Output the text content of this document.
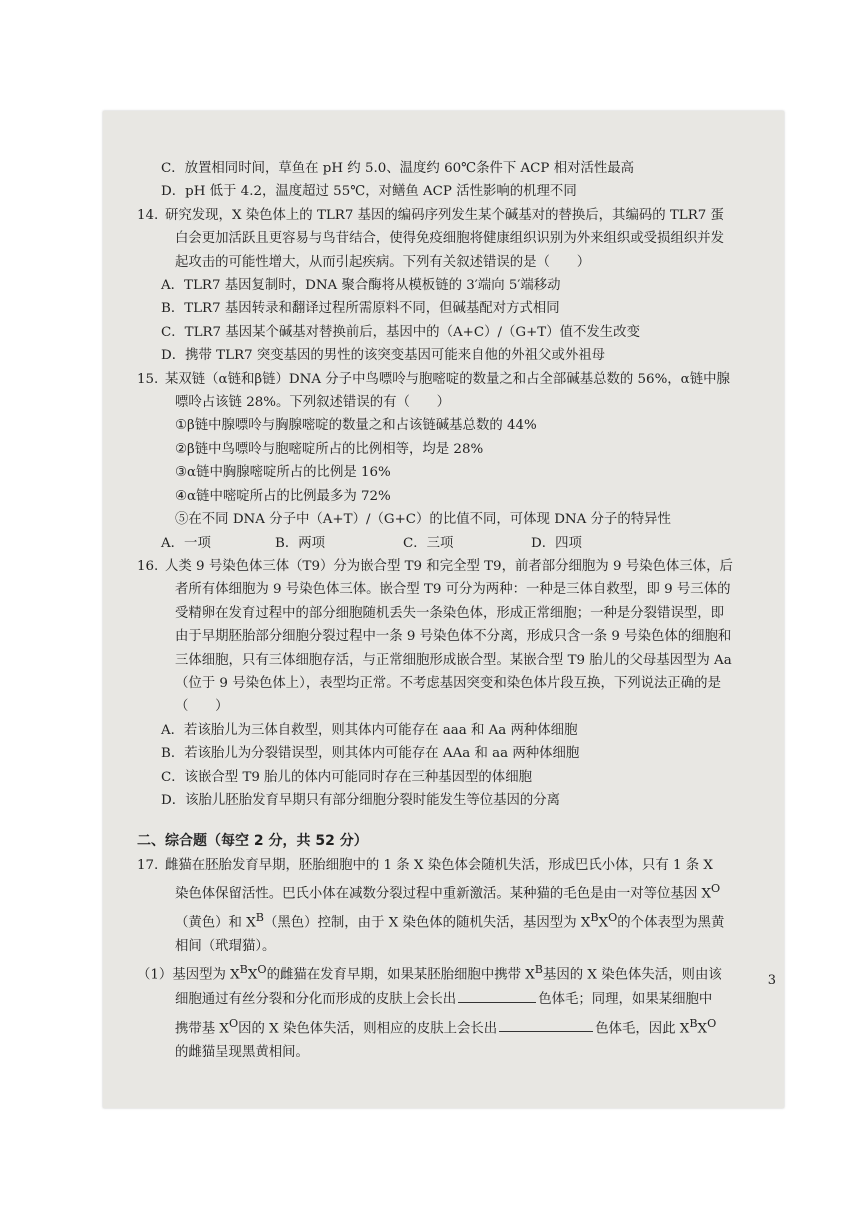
C．放置相同时间，草鱼在 pH 约 5.0、温度约 60℃条件下 ACP 相对活性最高
D．pH 低于 4.2，温度超过 55℃，对鳝鱼 ACP 活性影响的机理不同
14. 研究发现，X 染色体上的 TLR7 基因的编码序列发生某个碱基对的替换后，其编码的 TLR7 蛋
白会更加活跃且更容易与鸟苷结合，使得免疫细胞将健康组织识别为外来组织或受损组织并发
起攻击的可能性增大，从而引起疾病。下列有关叙述错误的是（　　）
A．TLR7 基因复制时，DNA 聚合酶将从模板链的 3′端向 5′端移动
B．TLR7 基因转录和翻译过程所需原料不同，但碱基配对方式相同
C．TLR7 基因某个碱基对替换前后，基因中的（A+C）/（G+T）值不发生改变
D．携带 TLR7 突变基因的男性的该突变基因可能来自他的外祖父或外祖母
15. 某双链（α链和β链）DNA 分子中鸟嘌呤与胞嘧啶的数量之和占全部碱基总数的 56%，α链中腺
嘌呤占该链 28%。下列叙述错误的有（　　）
①β链中腺嘌呤与胸腺嘧啶的数量之和占该链碱基总数的 44%
②β链中鸟嘌呤与胞嘧啶所占的比例相等，均是 28%
③α链中胸腺嘧啶所占的比例是 16%
④α链中嘧啶所占的比例最多为 72%
⑤在不同 DNA 分子中（A+T）/（G+C）的比值不同，可体现 DNA 分子的特异性
A．一项	B．两项	C．三项	D．四项
16. 人类 9 号染色体三体（T9）分为嵌合型 T9 和完全型 T9，前者部分细胞为 9 号染色体三体，后
者所有体细胞为 9 号染色体三体。嵌合型 T9 可分为两种：一种是三体自救型，即 9 号三体的
受精卵在发育过程中的部分细胞随机丢失一条染色体，形成正常细胞；一种是分裂错误型，即
由于早期胚胎部分细胞分裂过程中一条 9 号染色体不分离，形成只含一条 9 号染色体的细胞和
三体细胞，只有三体细胞存活，与正常细胞形成嵌合型。某嵌合型 T9 胎儿的父母基因型为 Aa
（位于 9 号染色体上），表型均正常。不考虑基因突变和染色体片段互换，下列说法正确的是
（　　）
A．若该胎儿为三体自救型，则其体内可能存在 aaa 和 Aa 两种体细胞
B．若该胎儿为分裂错误型，则其体内可能存在 AAa 和 aa 两种体细胞
C．该嵌合型 T9 胎儿的体内可能同时存在三种基因型的体细胞
D．该胎儿胚胎发育早期只有部分细胞分裂时能发生等位基因的分离
二、综合题（每空 2 分，共 52 分）
17. 雌猫在胚胎发育早期，胚胎细胞中的 1 条 X 染色体会随机失活，形成巴氏小体，只有 1 条 X
染色体保留活性。巴氏小体在减数分裂过程中重新激活。某种猫的毛色是由一对等位基因 $X^O$
（黄色）和 $X^B$（黑色）控制，由于 X 染色体的随机失活，基因型为 $X^BX^O$的个体表型为黑黄
相间（玳瑁猫）。
（1）基因型为 $X^BX^O$的雌猫在发育早期，如果某胚胎细胞中携带 $X^B$基因的 X 染色体失活，则由该
细胞通过有丝分裂和分化而形成的皮肤上会长出	色体毛；同理，如果某细胞中
携带基 $X^O$因的 X 染色体失活，则相应的皮肤上会长出	色体毛，因此 $X^BX^O$
的雌猫呈现黑黄相间。
3
